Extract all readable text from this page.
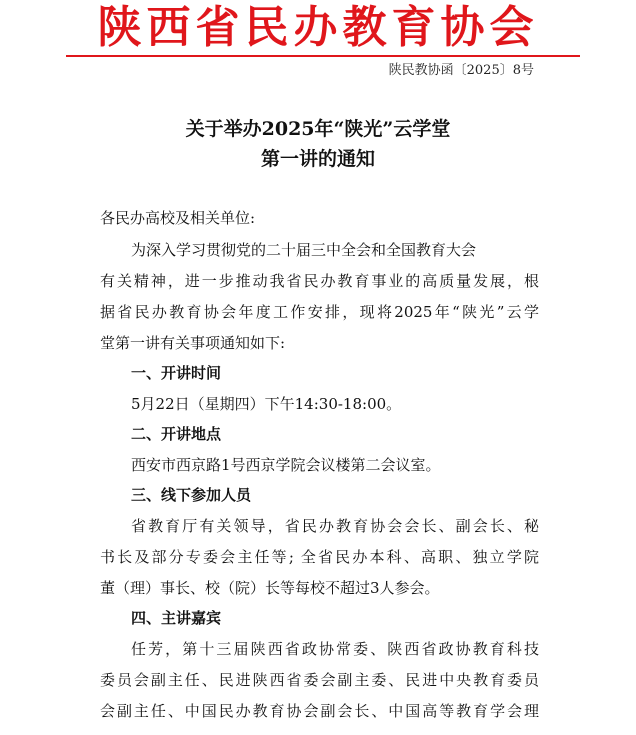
陕西省民办教育协会
陕民教协函〔2025〕8号
关于举办2025年“陕光”云学堂
第一讲的通知
各民办高校及相关单位:
为深入学习贯彻党的二十届三中全会和全国教育大会
有关精神，进一步推动我省民办教育事业的高质量发展，根
据省民办教育协会年度工作安排，现将2025年“陕光”云学
堂第一讲有关事项通知如下:
一、开讲时间
5月22日（星期四）下午14:30-18:00。
二、开讲地点
西安市西京路1号西京学院会议楼第二会议室。
三、线下参加人员
省教育厅有关领导，省民办教育协会会长、副会长、秘
书长及部分专委会主任等; 全省民办本科、高职、独立学院
董（理）事长、校（院）长等每校不超过3人参会。
四、主讲嘉宾
任芳，第十三届陕西省政协常委、陕西省政协教育科技
委员会副主任、民进陕西省委会副主委、民进中央教育委员
会副主任、中国民办教育协会副会长、中国高等教育学会理
